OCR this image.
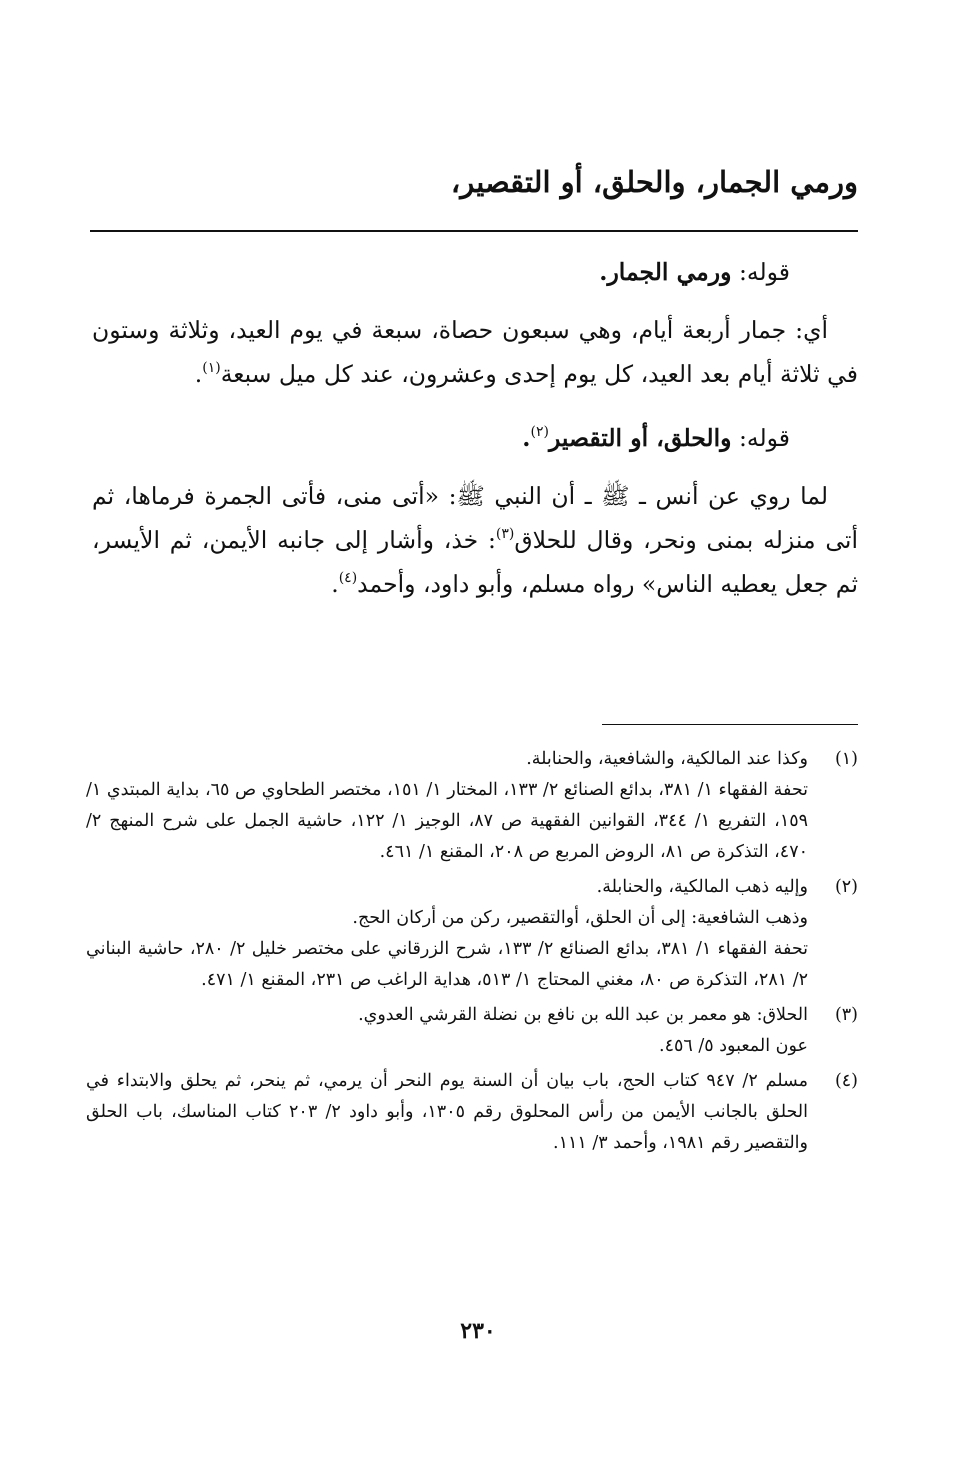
ورمي الجمار، والحلق، أو التقصير،

قوله: ورمي الجمار.

أي: جمار أربعة أيام، وهي سبعون حصاة، سبعة في يوم العيد، وثلاثة وستون في ثلاثة أيام بعد العيد، كل يوم إحدى وعشرون، عند كل ميل سبعة$^{(١)}$.

قوله: والحلق، أو التقصير$^{(٢)}$.

لما روي عن أنس ـ ﷺ ـ أن النبي ﷺ: «أتى منى، فأتى الجمرة فرماها، ثم أتى منزله بمنى ونحر، وقال للحلاق$^{(٣)}$: خذ، وأشار إلى جانبه الأيمن، ثم الأيسر، ثم جعل يعطيه الناس» رواه مسلم، وأبو داود، وأحمد$^{(٤)}$.

(١)

وكذا عند المالكية، والشافعية، والحنابلة.

تحفة الفقهاء ١/ ٣٨١، بدائع الصنائع ٢/ ١٣٣، المختار ١/ ١٥١، مختصر الطحاوي ص ٦٥، بداية المبتدي ١/ ١٥٩، التفريع ١/ ٣٤٤، القوانين الفقهية ص ٨٧، الوجيز ١/ ١٢٢، حاشية الجمل على شرح المنهج ٢/ ٤٧٠، التذكرة ص ٨١، الروض المربع ص ٢٠٨، المقنع ١/ ٤٦١.

(٢)

وإليه ذهب المالكية، والحنابلة.

وذهب الشافعية: إلى أن الحلق، أوالتقصير، ركن من أركان الحج.

تحفة الفقهاء ١/ ٣٨١، بدائع الصنائع ٢/ ١٣٣، شرح الزرقاني على مختصر خليل ٢/ ٢٨٠، حاشية البناني ٢/ ٢٨١، التذكرة ص ٨٠، مغني المحتاج ١/ ٥١٣، هداية الراغب ص ٢٣١، المقنع ١/ ٤٧١.

(٣)

الحلاق: هو معمر بن عبد الله بن نافع بن نضلة القرشي العدوي.

عون المعبود ٥/ ٤٥٦.

(٤)

مسلم ٢/ ٩٤٧ كتاب الحج، باب بيان أن السنة يوم النحر أن يرمي، ثم ينحر، ثم يحلق والابتداء في الحلق بالجانب الأيمن من رأس المحلوق رقم ١٣٠٥، وأبو داود ٢/ ٢٠٣ كتاب المناسك، باب الحلق والتقصير رقم ١٩٨١، وأحمد ٣/ ١١١.

٢٣٠
